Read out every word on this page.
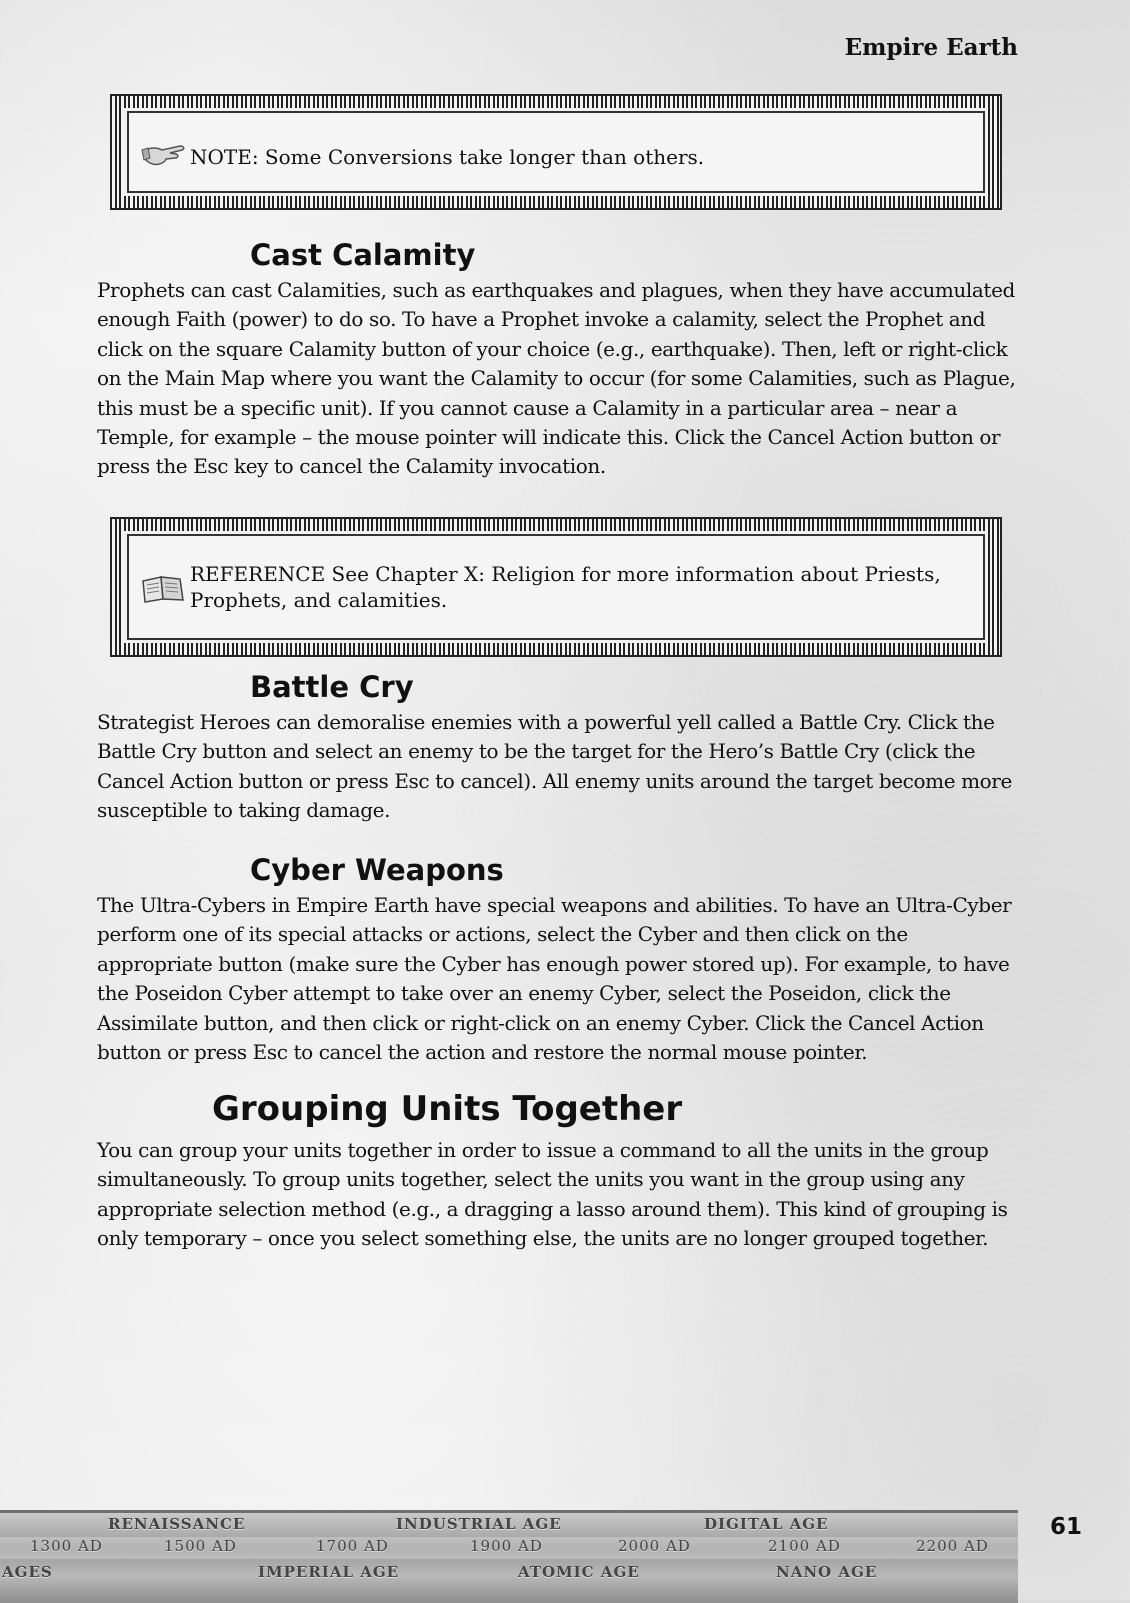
Empire Earth
NOTE: Some Conversions take longer than others.
Cast Calamity

Prophets can cast Calamities, such as earthquakes and plagues, when they have accumulated enough Faith (power) to do so. To have a Prophet invoke a calamity, select the Prophet and click on the square Calamity button of your choice (e.g., earthquake). Then, left or right-click on the Main Map where you want the Calamity to occur (for some Calamities, such as Plague, this must be a specific unit). If you cannot cause a Calamity in a particular area – near a Temple, for example – the mouse pointer will indicate this. Click the Cancel Action button or press the Esc key to cancel the Calamity invocation.

REFERENCE See Chapter X: Religion for more information about Priests, Prophets, and calamities.
Battle Cry

Strategist Heroes can demoralise enemies with a powerful yell called a Battle Cry. Click the Battle Cry button and select an enemy to be the target for the Hero’s Battle Cry (click the Cancel Action button or press Esc to cancel). All enemy units around the target become more susceptible to taking damage.

Cyber Weapons

The Ultra-Cybers in Empire Earth have special weapons and abilities. To have an Ultra-Cyber perform one of its special attacks or actions, select the Cyber and then click on the appropriate button (make sure the Cyber has enough power stored up). For example, to have the Poseidon Cyber attempt to take over an enemy Cyber, select the Poseidon, click the Assimilate button, and then click or right-click on an enemy Cyber. Click the Cancel Action button or press Esc to cancel the action and restore the normal mouse pointer.

Grouping Units Together

You can group your units together in order to issue a command to all the units in the group simultaneously. To group units together, select the units you want in the group using any appropriate selection method (e.g., a dragging a lasso around them). This kind of grouping is only temporary – once you select something else, the units are no longer grouped together.

RENAISSANCE	INDUSTRIAL AGE	DIGITAL AGE
1300 AD	1500 AD	1700 AD	1900 AD	2000 AD	2100 AD	2200 AD
AGES	IMPERIAL AGE	ATOMIC AGE	NANO AGE
61
